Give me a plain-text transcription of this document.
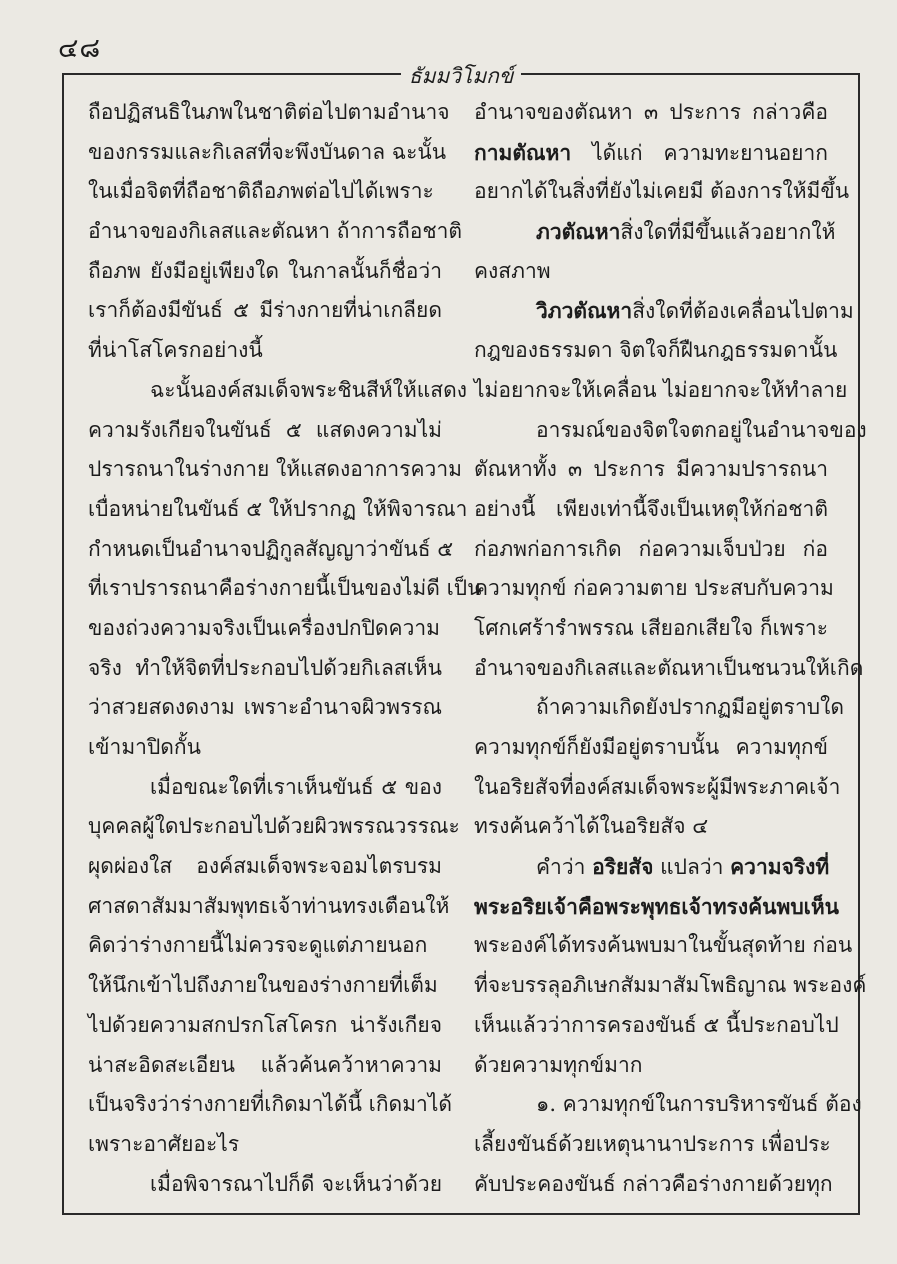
๔๘
ธัมมวิโมกข์
ถือปฏิสนธิในภพในชาติต่อไปตามอำนาจ
ของกรรมและกิเลสที่จะพึงบันดาล ฉะนั้น
ในเมื่อจิตที่ถือชาติถือภพต่อไปได้เพราะ
อำนาจของกิเลสและตัณหา ถ้าการถือชาติ
ถือภพ ยังมีอยู่เพียงใด ในกาลนั้นก็ชื่อว่า
เราก็ต้องมีขันธ์ ๕ มีร่างกายที่น่าเกลียด
ที่น่าโสโครกอย่างนี้
ฉะนั้นองค์สมเด็จพระชินสีห์ให้แสดง
ความรังเกียจในขันธ์ ๕ แสดงความไม่
ปรารถนาในร่างกาย ให้แสดงอาการความ
เบื่อหน่ายในขันธ์ ๕ ให้ปรากฏ ให้พิจารณา
กำหนดเป็นอำนาจปฏิกูลสัญญาว่าขันธ์ ๕
ที่เราปรารถนาคือร่างกายนี้เป็นของไม่ดี เป็น
ของถ่วงความจริงเป็นเครื่องปกปิดความ
จริง ทำให้จิตที่ประกอบไปด้วยกิเลสเห็น
ว่าสวยสดงดงาม เพราะอำนาจผิวพรรณ
เข้ามาปิดกั้น
เมื่อขณะใดที่เราเห็นขันธ์ ๕ ของ
บุคคลผู้ใดประกอบไปด้วยผิวพรรณวรรณะ
ผุดผ่องใส องค์สมเด็จพระจอมไตรบรม
ศาสดาสัมมาสัมพุทธเจ้าท่านทรงเตือนให้
คิดว่าร่างกายนี้ไม่ควรจะดูแต่ภายนอก
ให้นึกเข้าไปถึงภายในของร่างกายที่เต็ม
ไปด้วยความสกปรกโสโครก น่ารังเกียจ
น่าสะอิดสะเอียน แล้วค้นคว้าหาความ
เป็นจริงว่าร่างกายที่เกิดมาได้นี้ เกิดมาได้
เพราะอาศัยอะไร
เมื่อพิจารณาไปก็ดี จะเห็นว่าด้วย
อำนาจของตัณหา ๓ ประการ กล่าวคือ
กามตัณหา ได้แก่ ความทะยานอยาก
อยากได้ในสิ่งที่ยังไม่เคยมี ต้องการให้มีขึ้น
ภวตัณหาสิ่งใดที่มีขึ้นแล้วอยากให้
คงสภาพ
วิภวตัณหาสิ่งใดที่ต้องเคลื่อนไปตาม
กฎของธรรมดา จิตใจก็ฝืนกฎธรรมดานั้น
ไม่อยากจะให้เคลื่อน ไม่อยากจะให้ทำลาย
อารมณ์ของจิตใจตกอยู่ในอำนาจของ
ตัณหาทั้ง ๓ ประการ มีความปรารถนา
อย่างนี้ เพียงเท่านี้จึงเป็นเหตุให้ก่อชาติ
ก่อภพก่อการเกิด ก่อความเจ็บป่วย ก่อ
ความทุกข์ ก่อความตาย ประสบกับความ
โศกเศร้ารำพรรณ เสียอกเสียใจ ก็เพราะ
อำนาจของกิเลสและตัณหาเป็นชนวนให้เกิด
ถ้าความเกิดยังปรากฏมีอยู่ตราบใด
ความทุกข์ก็ยังมีอยู่ตราบนั้น ความทุกข์
ในอริยสัจที่องค์สมเด็จพระผู้มีพระภาคเจ้า
ทรงค้นคว้าได้ในอริยสัจ ๔
คำว่า อริยสัจ แปลว่า ความจริงที่
พระอริยเจ้าคือพระพุทธเจ้าทรงค้นพบเห็น
พระองค์ได้ทรงค้นพบมาในขั้นสุดท้าย ก่อน
ที่จะบรรลุอภิเษกสัมมาสัมโพธิญาณ พระองค์
เห็นแล้วว่าการครองขันธ์ ๕ นี้ประกอบไป
ด้วยความทุกข์มาก
๑. ความทุกข์ในการบริหารขันธ์ ต้อง
เลี้ยงขันธ์ด้วยเหตุนานาประการ เพื่อประ
คับประคองขันธ์ กล่าวคือร่างกายด้วยทุก
